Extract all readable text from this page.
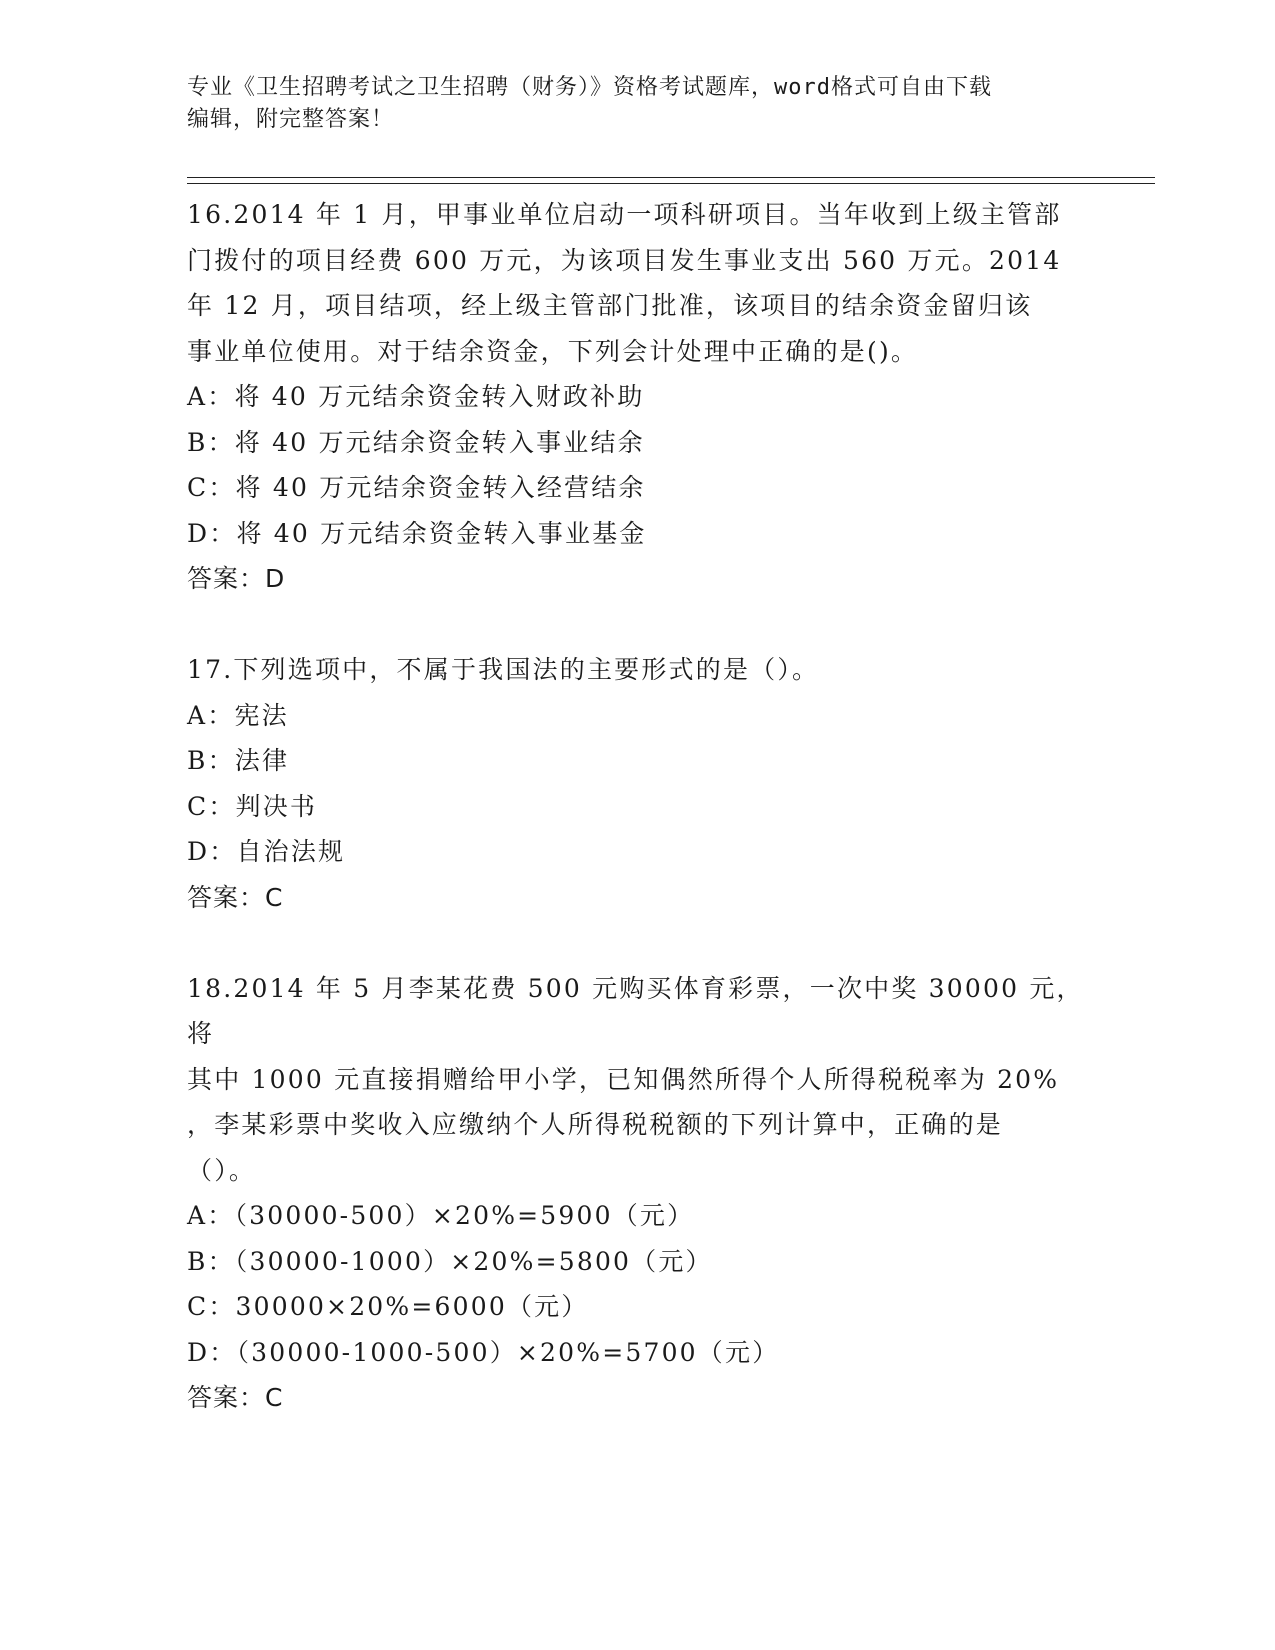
专业《卫生招聘考试之卫生招聘（财务）》资格考试题库，word格式可自由下载
编辑，附完整答案！

16.2014 年 1 月，甲事业单位启动一项科研项目。当年收到上级主管部

门拨付的项目经费 600 万元，为该项目发生事业支出 560 万元。2014

年 12 月，项目结项，经上级主管部门批准，该项目的结余资金留归该

事业单位使用。对于结余资金，下列会计处理中正确的是()。

A：将 40 万元结余资金转入财政补助

B：将 40 万元结余资金转入事业结余

C：将 40 万元结余资金转入经营结余

D：将 40 万元结余资金转入事业基金

答案：D

17.下列选项中，不属于我国法的主要形式的是（）。

A：宪法

B：法律

C：判决书

D：自治法规

答案：C

18.2014 年 5 月李某花费 500 元购买体育彩票，一次中奖 30000 元，将

其中 1000 元直接捐赠给甲小学，已知偶然所得个人所得税税率为 20%

，李某彩票中奖收入应缴纳个人所得税税额的下列计算中，正确的是

（）。

A：（30000-500）×20%=5900（元）

B：（30000-1000）×20%=5800（元）

C：30000×20%=6000（元）

D：（30000-1000-500）×20%=5700（元）

答案：C
